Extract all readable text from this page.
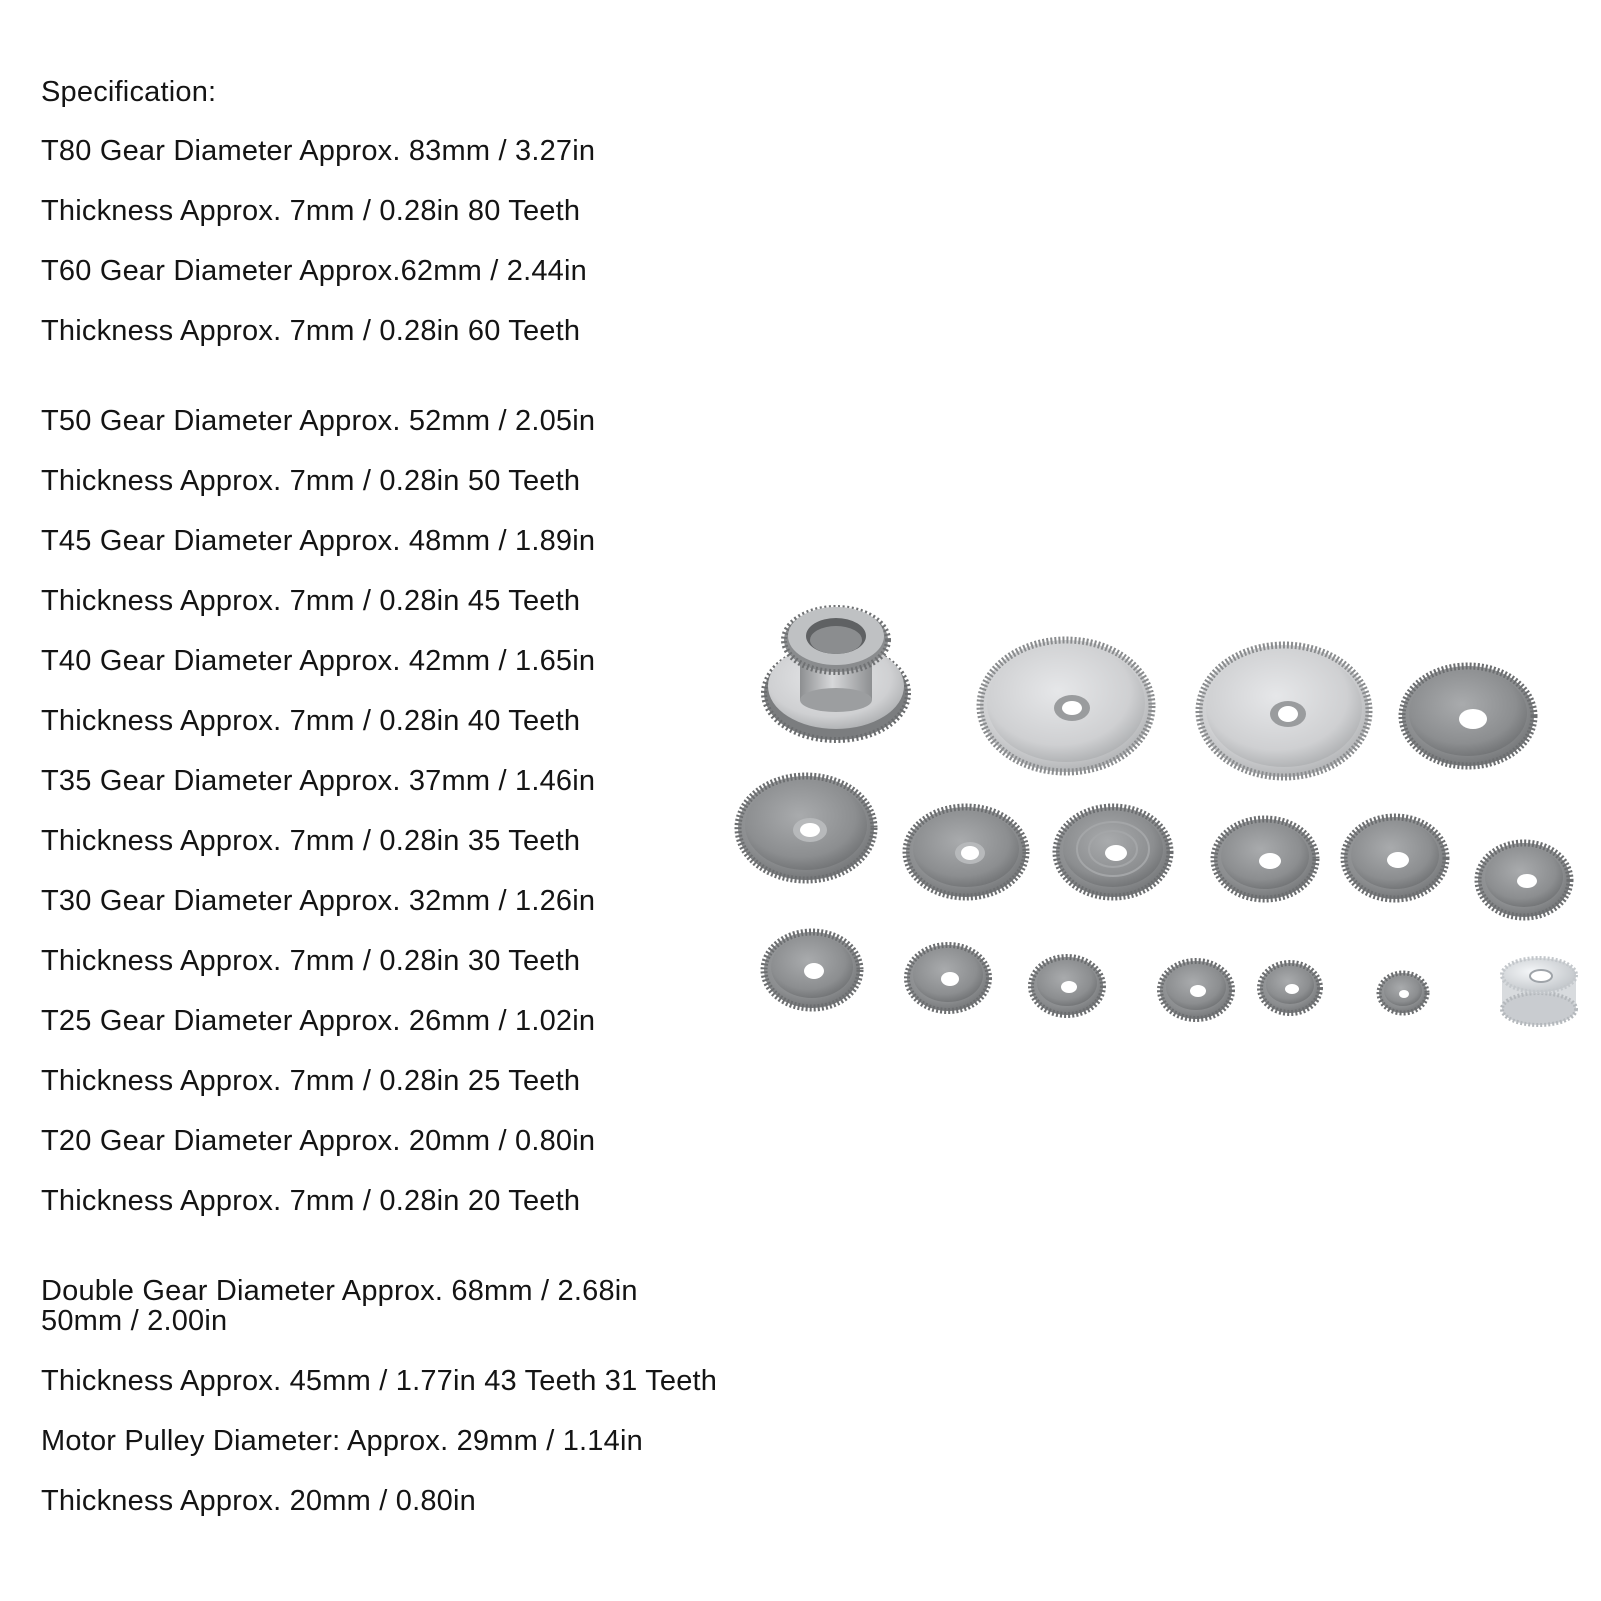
Specification:
T80 Gear Diameter Approx. 83mm / 3.27in
Thickness Approx. 7mm / 0.28in 80 Teeth
T60 Gear Diameter Approx.62mm / 2.44in
Thickness Approx. 7mm / 0.28in 60 Teeth
T50 Gear Diameter Approx. 52mm / 2.05in
Thickness Approx. 7mm / 0.28in 50 Teeth
T45 Gear Diameter Approx. 48mm / 1.89in
Thickness Approx. 7mm / 0.28in 45 Teeth
T40 Gear Diameter Approx. 42mm / 1.65in
Thickness Approx. 7mm / 0.28in 40 Teeth
T35 Gear Diameter Approx. 37mm / 1.46in
Thickness Approx. 7mm / 0.28in 35 Teeth
T30 Gear Diameter Approx. 32mm / 1.26in
Thickness Approx. 7mm / 0.28in 30 Teeth
T25 Gear Diameter Approx. 26mm / 1.02in
Thickness Approx. 7mm / 0.28in 25 Teeth
T20 Gear Diameter Approx. 20mm / 0.80in
Thickness Approx. 7mm / 0.28in 20 Teeth
Double Gear Diameter Approx. 68mm / 2.68in
50mm / 2.00in
Thickness Approx. 45mm / 1.77in 43 Teeth 31 Teeth
Motor Pulley Diameter: Approx. 29mm / 1.14in
Thickness Approx. 20mm / 0.80in
